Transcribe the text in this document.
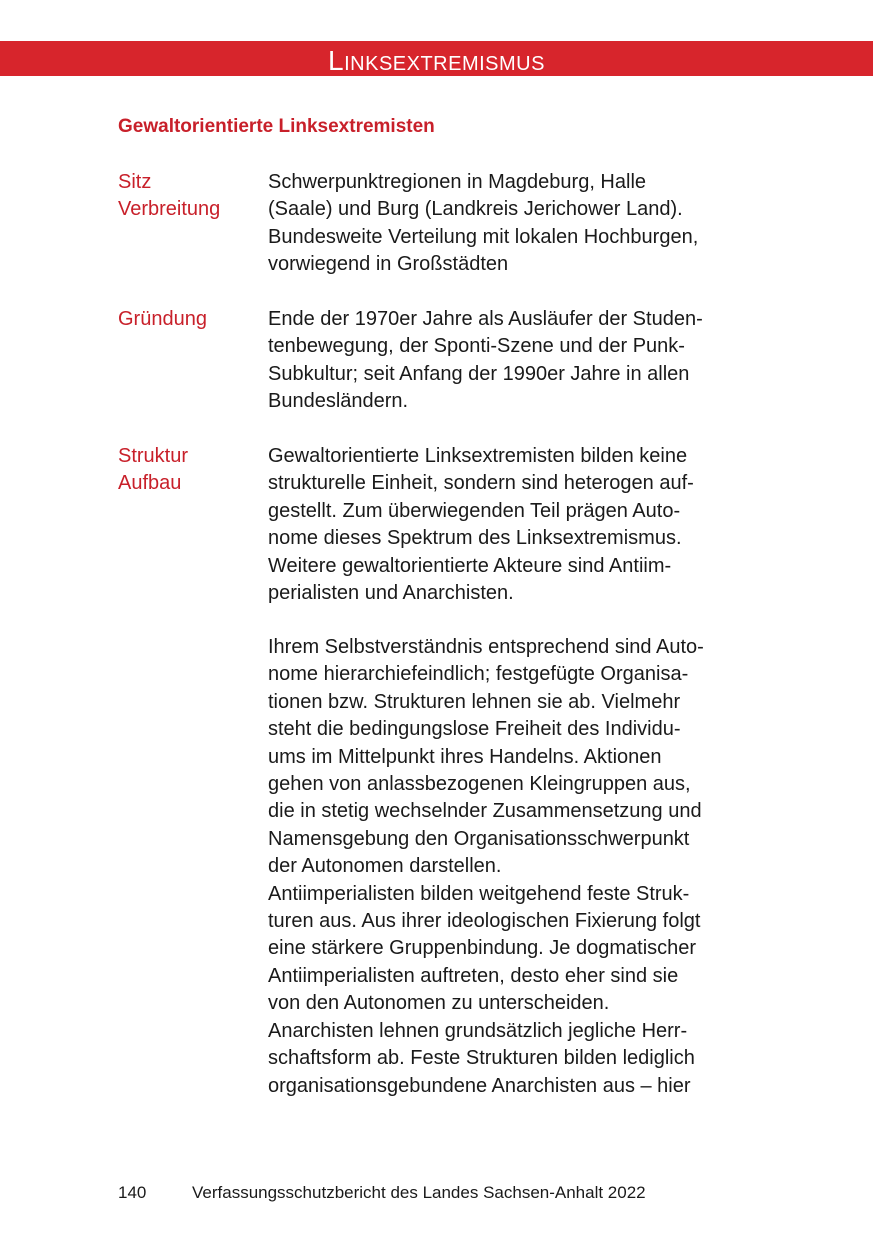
Linksextremismus
Gewaltorientierte Linksextremisten
Sitz
Verbreitung
Schwerpunktregionen in Magdeburg, Halle
(Saale) und Burg (Landkreis Jerichower Land).
Bundesweite Verteilung mit lokalen Hochburgen,
vorwiegend in Großstädten
Gründung	Ende der 1970er Jahre als Ausläufer der Studen-
tenbewegung, der Sponti-Szene und der Punk-
Subkultur; seit Anfang der 1990er Jahre in allen
Bundesländern.
Struktur
Aufbau
Gewaltorientierte Linksextremisten bilden keine
strukturelle Einheit, sondern sind heterogen auf-
gestellt. Zum überwiegenden Teil prägen Auto-
nome dieses Spektrum des Linksextremismus.
Weitere gewaltorientierte Akteure sind Antiim-
perialisten und Anarchisten.
Ihrem Selbstverständnis entsprechend sind Auto-
nome hierarchiefeindlich; festgefügte Organisa-
tionen bzw. Strukturen lehnen sie ab. Vielmehr
steht die bedingungslose Freiheit des Individu-
ums im Mittelpunkt ihres Handelns. Aktionen
gehen von anlassbezogenen Kleingruppen aus,
die in stetig wechselnder Zusammensetzung und
Namensgebung den Organisationsschwerpunkt
der Autonomen darstellen.
Antiimperialisten bilden weitgehend feste Struk-
turen aus. Aus ihrer ideologischen Fixierung folgt
eine stärkere Gruppenbindung. Je dogmatischer
Antiimperialisten auftreten, desto eher sind sie
von den Autonomen zu unterscheiden.
Anarchisten lehnen grundsätzlich jegliche Herr-
schaftsform ab. Feste Strukturen bilden lediglich
organisationsgebundene Anarchisten aus – hier
140	Verfassungsschutzbericht des Landes Sachsen-Anhalt 2022
